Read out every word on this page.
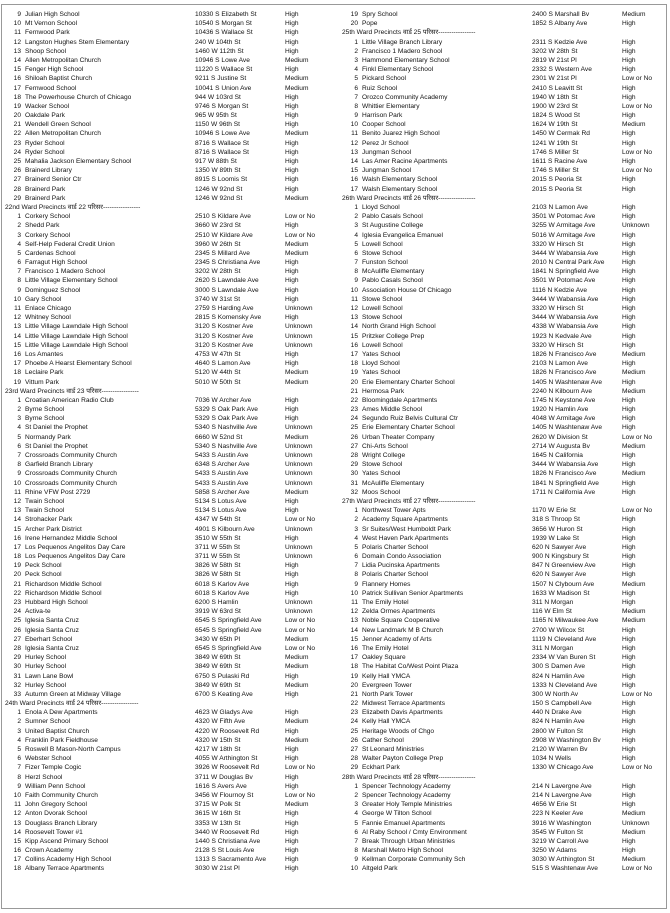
9 Julian High School	10330 S Elizabeth St	High
10 Mt Vernon School	10540 S Morgan St	High
11 Fernwood Park	10436 S Wallace St	High
12 Langston Hughes Stem Elementary	240 W 104th St	High
13 Shoop School	1460 W 112th St	High
14 Allen Metropolitan Church	10946 S Lowe Ave	Medium
15 Fenger High School	11220 S Wallace St	High
16 Shiloah Baptist Church	9211 S Justine St	Medium
17 Fernwood School	10041 S Union Ave	Medium
18 The Powerhouse Church of Chicago	944 W 103rd St	High
19 Wacker School	9746 S Morgan St	High
20 Oakdale Park	965 W 95th St	High
21 Wendell Green School	1150 W 96th St	High
22 Allen Metropolitan Church	10946 S Lowe Ave	Medium
23 Ryder School	8716 S Wallace St	High
24 Ryder School	8716 S Wallace St	High
25 Mahalia Jackson Elementary School	917 W 88th St	High
26 Brainerd Library	1350 W 89th St	High
27 Brainerd Senior Ctr	8915 S Loomis St	High
28 Brainerd Park	1246 W 92nd St	High
29 Brainerd Park	1246 W 92nd St	Medium
22nd Ward Precincts वार्ड 22 परिसर-----------------
1 Corkery School	2510 S Kildare Ave	Low or No
2 Shedd Park	3660 W 23rd St	High
3 Corkery School	2510 W Kildare Ave	Low or No
4 Self-Help Federal Credit Union	3960 W 26th St	Medium
5 Cardenas School	2345 S Millard Ave	Medium
6 Farragut High School	2345 S Christiana Ave	High
7 Francisco 1 Madero School	3202 W 28th St	High
8 Little Village Elementary School	2620 S Lawndale Ave	High
9 Dominguez School	3000 S Lawndale Ave	High
10 Gary School	3740 W 31st St	High
11 Enlace Chicago	2759 S Harding Ave	Unknown
12 Whitney School	2815 S Komensky Ave	High
13 Little Village Lawndale High School	3120 S Kostner Ave	Unknown
14 Little Village Lawndale High School	3120 S Kostner Ave	Unknown
15 Little Village Lawndale High School	3120 S Kostner Ave	Unknown
16 Los Amantes	4753 W 47th St	High
17 Phoebe A Hearst Elementary School	4640 S Lamon Ave	High
18 Leclaire Park	5120 W 44th St	Medium
19 Vittum Park	5010 W 50th St	Medium
23rd Ward Precincts वार्ड 23 परिसर-----------------
1 Croatian American Radio Club	7036 W Archer Ave	High
2 Byrne School	5329 S Oak Park Ave	High
3 Byrne School	5329 S Oak Park Ave	High
4 St Daniel the Prophet	5340 S Nashville Ave	Unknown
5 Normandy Park	6660 W 52nd St	Medium
6 St Daniel the Prophet	5340 S Nashville Ave	Unknown
7 Crossroads Community Church	5433 S Austin Ave	Unknown
8 Garfield Branch Library	6348 S Archer Ave	Unknown
9 Crossroads Community Church	5433 S Austin Ave	Unknown
10 Crossroads Community Church	5433 S Austin Ave	Unknown
11 Rhine VFW Post 2729	5858 S Archer Ave	Medium
12 Twain School	5134 S Lotus Ave	High
13 Twain School	5134 S Lotus Ave	High
14 Strohacker Park	4347 W 54th St	Low or No
15 Archer Park District	4901 S Kilbourn Ave	Unknown
16 Irene Hernandez Middle School	3510 W 55th St	High
17 Los Pequenos Angelitos Day Care	3711 W 55th St	Unknown
18 Los Pequenos Angelitos Day Care	3711 W 55th St	Unknown
19 Peck School	3826 W 58th St	High
20 Peck School	3826 W 58th St	High
21 Richardson Middle School	6018 S Karlov Ave	High
22 Richardson Middle School	6018 S Karlov Ave	High
23 Hubbard High School	6200 S Hamlin	Unknown
24 Activa-te	3919 W 63rd St	Unknown
25 Iglesia Santa Cruz	6545 S Springfield Ave	Low or No
26 Iglesia Santa Cruz	6545 S Springfield Ave	Low or No
27 Eberhart School	3430 W 65th Pl	Medium
28 Iglesia Santa Cruz	6545 S Springfield Ave	Low or No
29 Hurley School	3849 W 69th St	Medium
30 Hurley School	3849 W 69th St	Medium
31 Lawn Lane Bowl	6750 S Pulaski Rd	High
32 Hurley School	3849 W 69th St	Medium
33 Autumn Green at Midway Village	6700 S Keating Ave	High
24th Ward Precincts वार्ड 24 परिसर-----------------
1 Enola A Dew Apartments	4623 W Gladys Ave	High
2 Sumner School	4320 W Fifth Ave	Medium
3 United Baptist Church	4220 W Roosevelt Rd	High
4 Franklin Park Fieldhouse	4320 W 15th St	Medium
5 Roswell B Mason-North Campus	4217 W 18th St	High
6 Webster School	4055 W Arthington St	High
7 Fizer Temple Cogic	3926 W Roosevelt Rd	Low or No
8 Herzl School	3711 W Douglas Bv	High
9 William Penn School	1616 S Avers Ave	High
10 Faith Community Church	3456 W Flournoy St	Low or No
11 John Gregory School	3715 W Polk St	Medium
12 Anton Dvorak School	3615 W 16th St	High
13 Douglass Branch Library	3353 W 13th St	High
14 Roosevelt Tower #1	3440 W Roosevelt Rd	High
15 Kipp Ascend Primary School	1440 S Christiana Ave	High
16 Crown Academy	2128 S St Louis Ave	High
17 Collins Academy High School	1313 S Sacramento Ave	High
18 Albany Terrace Apartments	3030 W 21st Pl	High
19 Spry School	2400 S Marshall Bv	Medium
20 Pope	1852 S Albany Ave	High
25th Ward Precincts वार्ड 25 परिसर-----------------
1 Little Village Branch Library	2311 S Kedzie Ave	High
2 Francisco 1 Madero School	3202 W 28th St	High
3 Hammond Elementary School	2819 W 21st Pl	High
4 Finkl Elementary School	2332 S Western Ave	High
5 Pickard School	2301 W 21st Pl	Low or No
6 Ruiz School	2410 S Leavitt St	High
7 Orozco Community Academy	1940 W 18th St	High
8 Whittier Elementary	1900 W 23rd St	Low or No
9 Harrison Park	1824 S Wood St	High
10 Cooper School	1624 W 19th St	Medium
11 Benito Juarez High School	1450 W Cermak Rd	High
12 Perez Jr School	1241 W 19th St	High
13 Jungman School	1746 S Miller St	Low or No
14 Las Amer Racine Apartments	1611 S Racine Ave	High
15 Jungman School	1746 S Miller St	Low or No
16 Walsh Elementary School	2015 S Peoria St	High
17 Walsh Elementary School	2015 S Peoria St	High
26th Ward Precincts वार्ड 26 परिसर-----------------
1 Lloyd School	2103 N Lamon Ave	High
2 Pablo Casals School	3501 W Potomac Ave	High
3 St Augustine College	3255 W Armitage Ave	Unknown
4 Iglesia Evangelica Emanuel	5016 W Armitage Ave	High
5 Lowell School	3320 W Hirsch St	High
6 Stowe School	3444 W Wabansia Ave	High
7 Funston School	2010 N Central Park Ave	High
8 McAuliffe Elementary	1841 N Springfield Ave	High
9 Pablo Casals School	3501 W Potomac Ave	High
10 Association House Of Chicago	1116 N Kedzie Ave	High
11 Stowe School	3444 W Wabansia Ave	High
12 Lowell School	3320 W Hirsch St	High
13 Stowe School	3444 W Wabansia Ave	High
14 North Grand High School	4338 W Wabansia Ave	High
15 Pritzker College Prep	1923 N Kedvale Ave	High
16 Lowell School	3320 W Hirsch St	High
17 Yates School	1826 N Francisco Ave	Medium
18 Lloyd School	2103 N Lamon Ave	High
19 Yates School	1826 N Francisco Ave	Medium
20 Erie Elementary Charter School	1405 N Washtenaw Ave	High
21 Hermosa Park	2240 N Kilbourn Ave	Medium
22 Bloomingdale Apartments	1745 N Keystone Ave	High
23 Ames Middle School	1920 N Hamlin Ave	High
24 Segundo Ruiz Belvis Cultural Ctr	4048 W Armitage Ave	High
25 Erie Elementary Charter School	1405 N Washtenaw Ave	High
26 Urban Theater Company	2620 W Division St	Low or No
27 Chi-Arts School	2714 W Augusta Bv	Medium
28 Wright College	1645 N California	High
29 Stowe School	3444 W Wabansia Ave	High
30 Yates School	1826 N Francisco Ave	Medium
31 McAuliffe Elementary	1841 N Springfield Ave	High
32 Moos School	1711 N California Ave	High
27th Ward Precincts वार्ड 27 परिसर-----------------
1 Northwest Tower Apts	1170 W Erie St	Low or No
2 Academy Square Apartments	318 S Throop St	High
3 Sr Suites/West Humboldt Park	3656 W Huron St	High
4 West Haven Park Apartments	1939 W Lake St	High
5 Polaris Charter School	620 N Sawyer Ave	High
6 Domain Condo Association	900 N Kingsbury St	High
7 Lidia Pucinska Apartments	847 N Greenview Ave	High
8 Polaris Charter School	620 N Sawyer Ave	High
9 Flannery Homes	1507 N Clybourn Ave	Medium
10 Patrick Sullivan Senior Apartments	1633 W Madison St	High
11 The Emily Hotel	311 N Morgan	High
12 Zelda Ormes Apartments	116 W Elm St	Medium
13 Noble Square Cooperative	1165 N Milwaukee Ave	Medium
14 New Landmark M B Church	2700 W Wilcox St	High
15 Jenner Academy of Arts	1119 N Cleveland Ave	High
16 The Emily Hotel	311 N Morgan	High
17 Oakley Square	2334 W Van Buren St	High
18 The Habitat Co/West Point Plaza	300 S Damen Ave	High
19 Kelly Hall YMCA	824 N Hamlin Ave	High
20 Evergreen Tower	1333 N Cleveland Ave	High
21 North Park Tower	300 W North Av	Low or No
22 Midwest Terrace Apartments	150 S Campbell Ave	High
23 Elizabeth Davis Apartments	440 N Drake Ave	High
24 Kelly Hall YMCA	824 N Hamlin Ave	High
25 Heritage Woods of Chgo	2800 W Fulton St	High
26 Cather School	2908 W Washington Bv	High
27 St Leonard Ministries	2120 W Warren Bv	High
28 Walter Payton College Prep	1034 N Wells	High
29 Eckhart Park	1330 W Chicago Ave	Low or No
28th Ward Precincts वार्ड 28 परिसर-----------------
1 Spencer Technology Academy	214 N Lavergne Ave	High
2 Spencer Technology Academy	214 N Lavergne Ave	High
3 Greater Holy Temple Ministries	4656 W Erie St	High
4 George W Tilton School	223 N Keeler Ave	Medium
5 Fannie Emanuel Apartments	3916 W Washington	Unknown
6 Al Raby School / Cmty Environment	3545 W Fulton St	Medium
7 Break Through Urban Ministries	3219 W Carroll Ave	High
8 Marshall Metro High School	3250 W Adams	High
9 Kellman Corporate Community Sch	3030 W Arthington St	Medium
10 Altgeld Park	515 S Washtenaw Ave	Low or No
